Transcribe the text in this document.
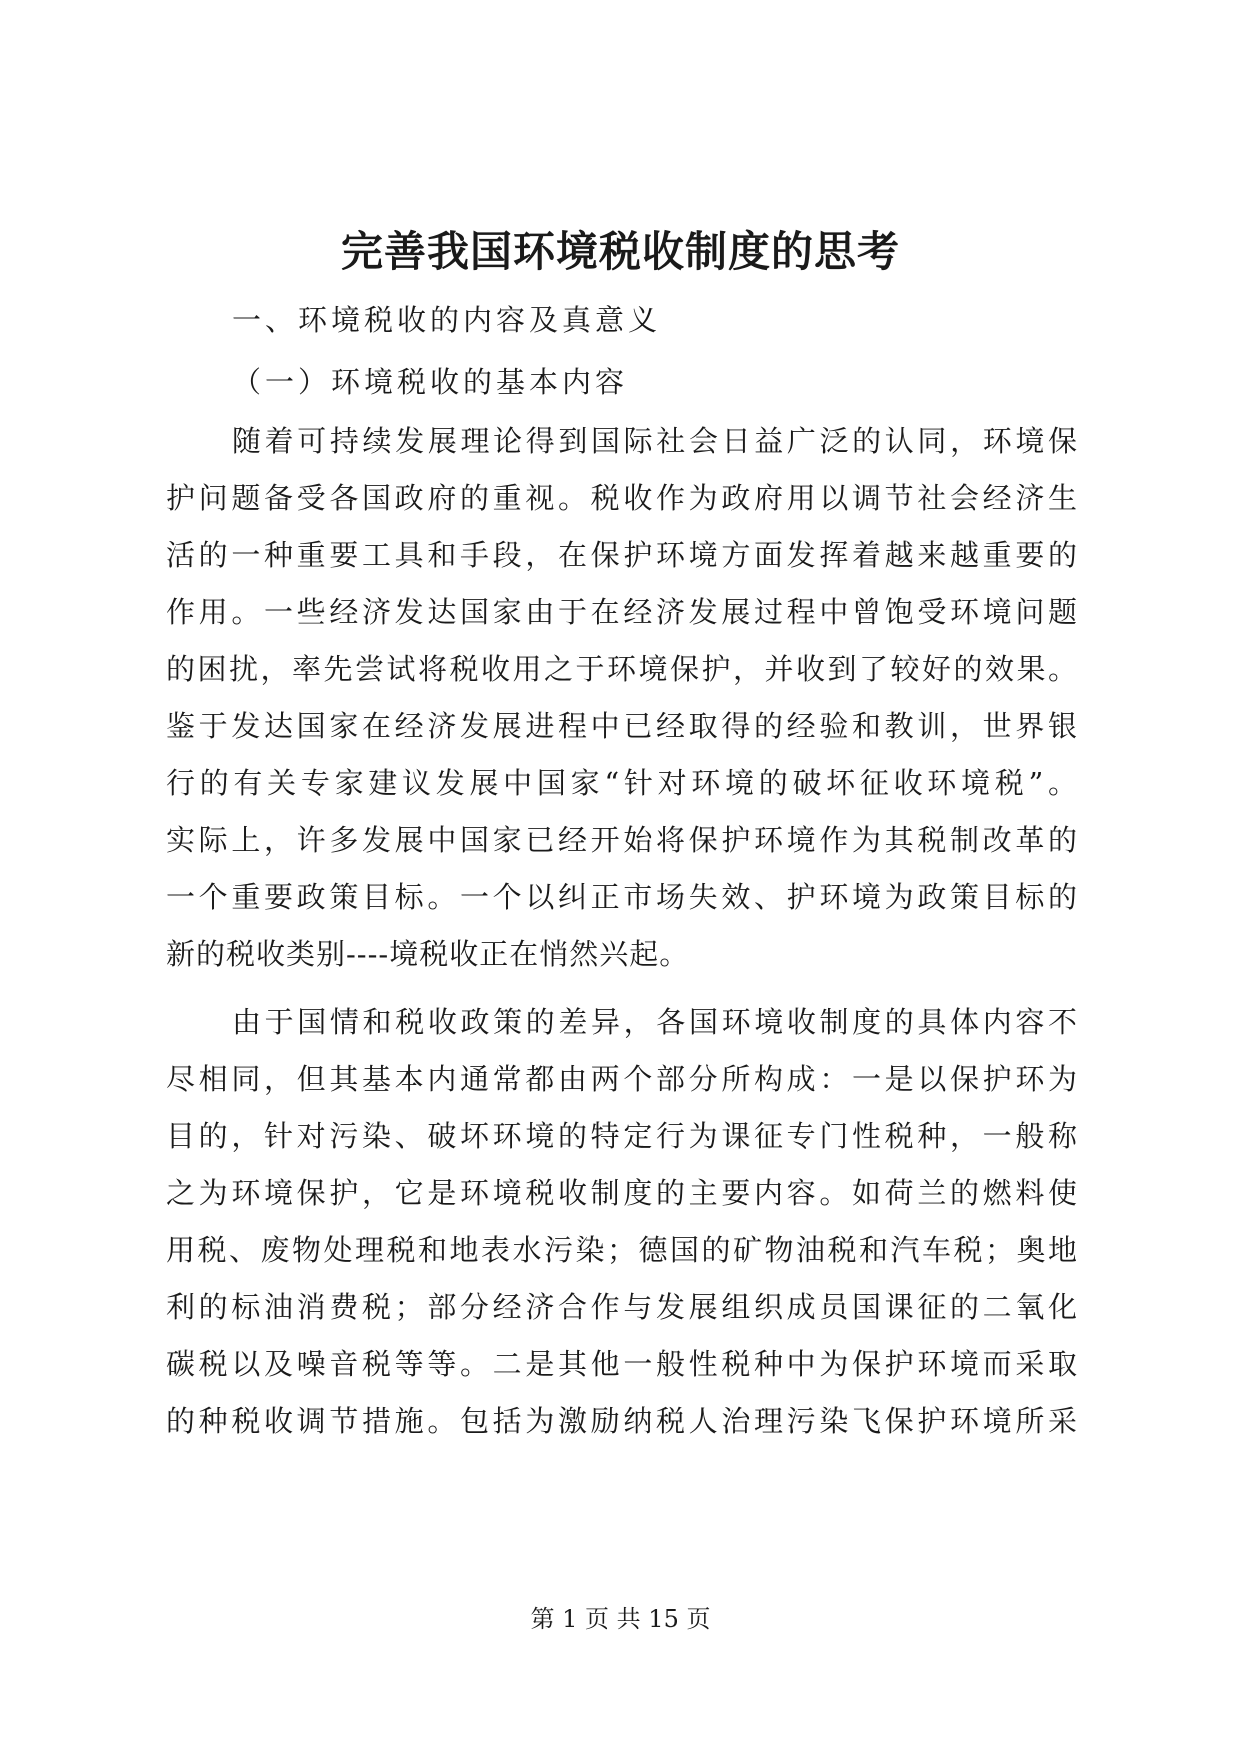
完善我国环境税收制度的思考
一、环境税收的内容及真意义
（一）环境税收的基本内容
随着可持续发展理论得到国际社会日益广泛的认同，环境保
护问题备受各国政府的重视。税收作为政府用以调节社会经济生
活的一种重要工具和手段，在保护环境方面发挥着越来越重要的
作用。一些经济发达国家由于在经济发展过程中曾饱受环境问题
的困扰，率先尝试将税收用之于环境保护，并收到了较好的效果。
鉴于发达国家在经济发展进程中已经取得的经验和教训，世界银
行的有关专家建议发展中国家“针对环境的破坏征收环境税”。
实际上，许多发展中国家已经开始将保护环境作为其税制改革的
一个重要政策目标。一个以纠正市场失效、护环境为政策目标的
新的税收类别----境税收正在悄然兴起。
由于国情和税收政策的差异，各国环境收制度的具体内容不
尽相同，但其基本内通常都由两个部分所构成：一是以保护环为
目的，针对污染、破坏环境的特定行为课征专门性税种，一般称
之为环境保护，它是环境税收制度的主要内容。如荷兰的燃料使
用税、废物处理税和地表水污染；德国的矿物油税和汽车税；奥地
利的标油消费税；部分经济合作与发展组织成员国课征的二氧化
碳税以及噪音税等等。二是其他一般性税种中为保护环境而采取
的种税收调节措施。包括为激励纳税人治理污染飞保护环境所采
第 1 页 共 15 页
